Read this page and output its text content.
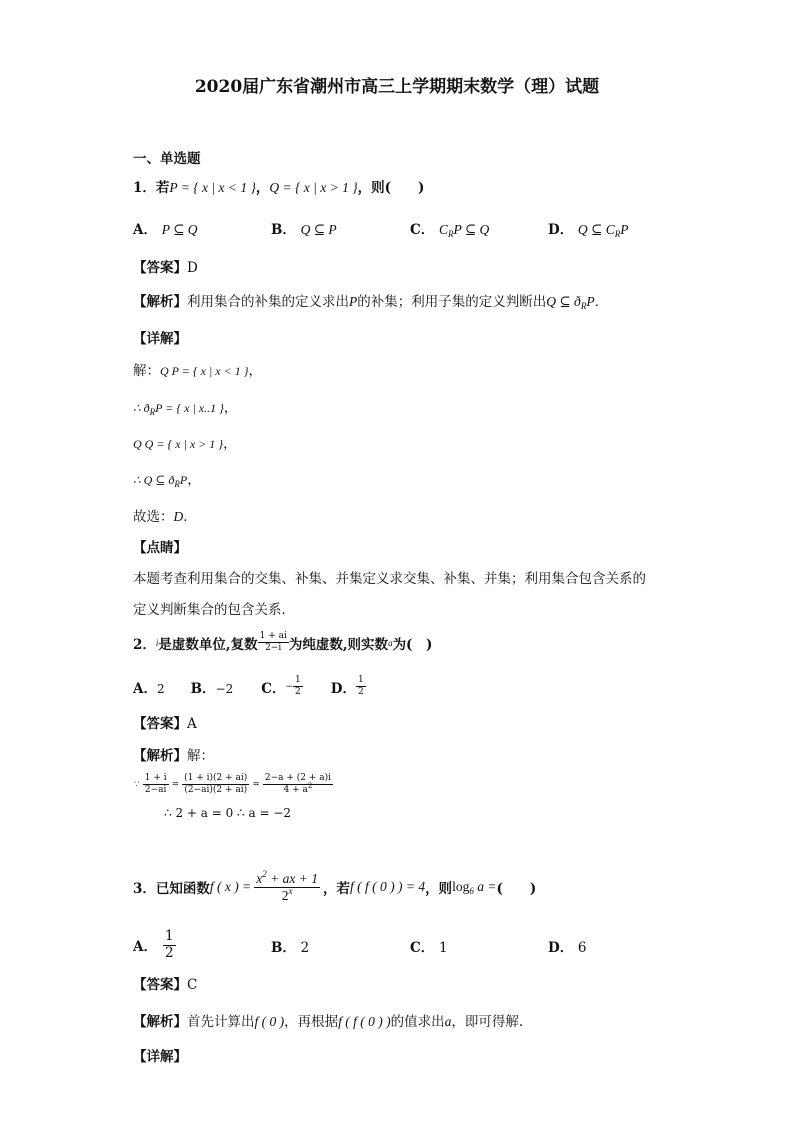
2020届广东省潮州市高三上学期期末数学（理）试题
一、单选题
1．若P = { x | x < 1 }，Q = { x | x > 1 }，则(　　)
A． P ⊆ Q	B． Q ⊆ P	C． $C_RP$ ⊆ Q	D． Q ⊆ $C_RP$
【答案】D
【解析】利用集合的补集的定义求出P的补集；利用子集的定义判断出Q ⊆ $ð_RP$．
【详解】
解：Q P = { x | x < 1 }，
∴ $ð_RP$ = { x | x..1 }，
Q Q = { x | x > 1 }，
∴ Q ⊆ $ð_RP$，
故选：D．
【点睛】
本题考查利用集合的交集、补集、并集定义求交集、补集、并集；利用集合包含关系的
定义判断集合的包含关系．
2． i 是虚数单位,复数 $\frac{1 + ai}{2-i}$ 为纯虚数,则实数 a 为(　)
A．2 B．−2 C． − $\frac{1}{2}$ D． $\frac{1}{2}$
【答案】A
【解析】解：
∵ $\frac{1 + i}{2-ai} = \frac{(1 + i)(2 + ai)}{(2-ai)(2 + ai)} = \frac{2-a + (2 + a)i}{4 + a^2}$
∴ 2 + a = 0 ∴ a = −2
3．已知函数 f ( x ) = $\frac{x^2 + ax + 1}{2^x}$ ，若 f ( f ( 0 ) ) = 4 ，则 $\log_6 a$ = (　　)
A． $\frac{1}{2}$	B． 2	C． 1	D． 6
【答案】C
【解析】首先计算出f ( 0 )，再根据f ( f ( 0 ) )的值求出a，即可得解.
【详解】
